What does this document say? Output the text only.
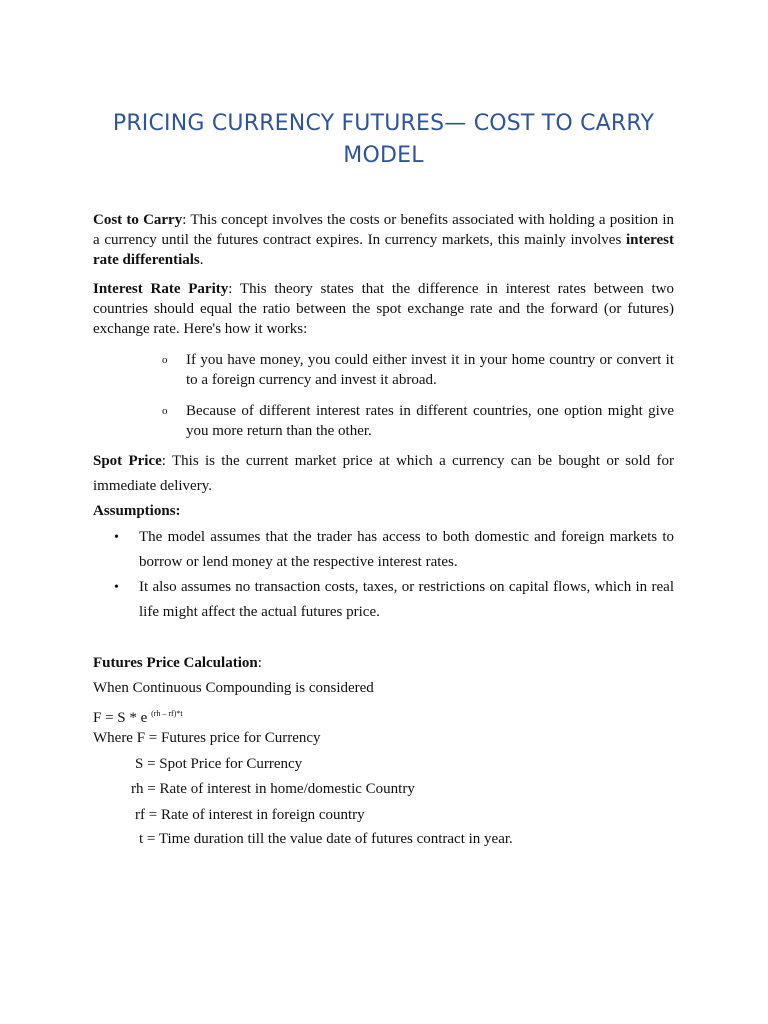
PRICING CURRENCY FUTURES— COST TO CARRY MODEL
Cost to Carry: This concept involves the costs or benefits associated with holding a position in a currency until the futures contract expires. In currency markets, this mainly involves interest rate differentials.
Interest Rate Parity: This theory states that the difference in interest rates between two countries should equal the ratio between the spot exchange rate and the forward (or futures) exchange rate. Here's how it works:
o If you have money, you could either invest it in your home country or convert it to a foreign currency and invest it abroad.
o Because of different interest rates in different countries, one option might give you more return than the other.
Spot Price: This is the current market price at which a currency can be bought or sold for immediate delivery.
Assumptions:
• The model assumes that the trader has access to both domestic and foreign markets to borrow or lend money at the respective interest rates.
• It also assumes no transaction costs, taxes, or restrictions on capital flows, which in real life might affect the actual futures price.
Futures Price Calculation:
When Continuous Compounding is considered
F = S * e $^{(rh - rf)*t}$
Where F = Futures price for Currency
S = Spot Price for Currency
rh = Rate of interest in home/domestic Country
rf = Rate of interest in foreign country
t = Time duration till the value date of futures contract in year.
